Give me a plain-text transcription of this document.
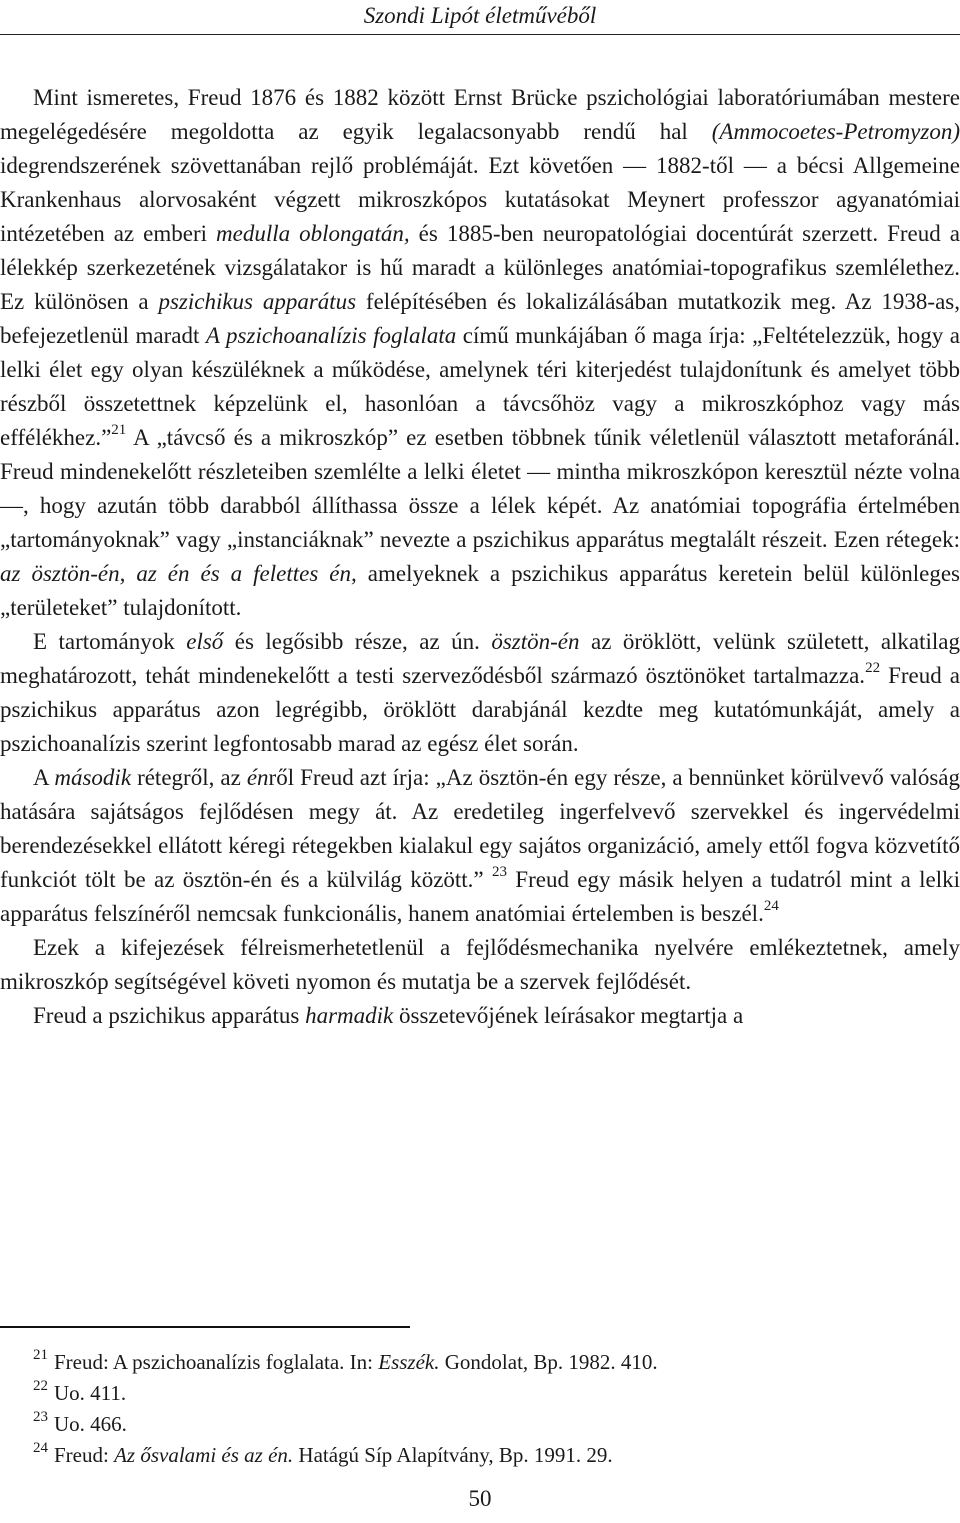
Szondi Lipót életművéből

Mint ismeretes, Freud 1876 és 1882 között Ernst Brücke pszichológiai laboratóriumában mestere megelégedésére megoldotta az egyik legalacsonyabb rendű hal (Ammocoetes-Petromyzon) idegrendszerének szövettanában rejlő problémáját. Ezt követően — 1882-től — a bécsi Allgemeine Krankenhaus alorvosaként végzett mikroszkópos kutatásokat Meynert professzor agyanatómiai intézetében az emberi medulla oblongatán, és 1885-ben neuropatológiai docentúrát szerzett. Freud a lélekkép szerkezetének vizsgálatakor is hű maradt a különleges anatómiai-topografikus szemlélethez. Ez különösen a pszichikus apparátus felépítésében és lokalizálásában mutatkozik meg. Az 1938-as, befejezetlenül maradt A pszichoanalízis foglalata című munkájában ő maga írja: „Feltételezzük, hogy a lelki élet egy olyan készüléknek a működése, amelynek téri kiterjedést tulajdonítunk és amelyet több részből összetettnek képzelünk el, hasonlóan a távcsőhöz vagy a mikroszkóphoz vagy más effélékhez.”$^{21}$ A „távcső és a mikroszkóp” ez esetben többnek tűnik véletlenül választott metaforánál. Freud mindenekelőtt részleteiben szemlélte a lelki életet — mintha mikroszkópon keresztül nézte volna —, hogy azután több darabból állíthassa össze a lélek képét. Az anatómiai topográfia értelmében „tartományoknak” vagy „instanciáknak” nevezte a pszichikus apparátus megtalált részeit. Ezen rétegek: az ösztön-én, az én és a felettes én, amelyeknek a pszichikus apparátus keretein belül különleges „területeket” tulajdonított.

E tartományok első és legősibb része, az ún. ösztön-én az öröklött, velünk született, alkatilag meghatározott, tehát mindenekelőtt a testi szerveződésből származó ösztönöket tartalmazza.$^{22}$ Freud a pszichikus apparátus azon legrégibb, öröklött darabjánál kezdte meg kutatómunkáját, amely a pszichoanalízis szerint legfontosabb marad az egész élet során.

A második rétegről, az énről Freud azt írja: „Az ösztön-én egy része, a bennünket körülvevő valóság hatására sajátságos fejlődésen megy át. Az eredetileg ingerfelvevő szervekkel és ingervédelmi berendezésekkel ellátott kéregi rétegekben kialakul egy sajátos organizáció, amely ettől fogva közvetítő funkciót tölt be az ösztön-én és a külvilág között.” $^{23}$ Freud egy másik helyen a tudatról mint a lelki apparátus felszínéről nemcsak funkcionális, hanem anatómiai értelemben is beszél.$^{24}$

Ezek a kifejezések félreismerhetetlenül a fejlődésmechanika nyelvére emlékeztetnek, amely mikroszkóp segítségével követi nyomon és mutatja be a szervek fejlődését.

Freud a pszichikus apparátus harmadik összetevőjének leírásakor megtartja a

$^{21}$ Freud: A pszichoanalízis foglalata. In: Esszék. Gondolat, Bp. 1982. 410.

$^{22}$ Uo. 411.

$^{23}$ Uo. 466.

$^{24}$ Freud: Az ősvalami és az én. Hatágú Síp Alapítvány, Bp. 1991. 29.

50
